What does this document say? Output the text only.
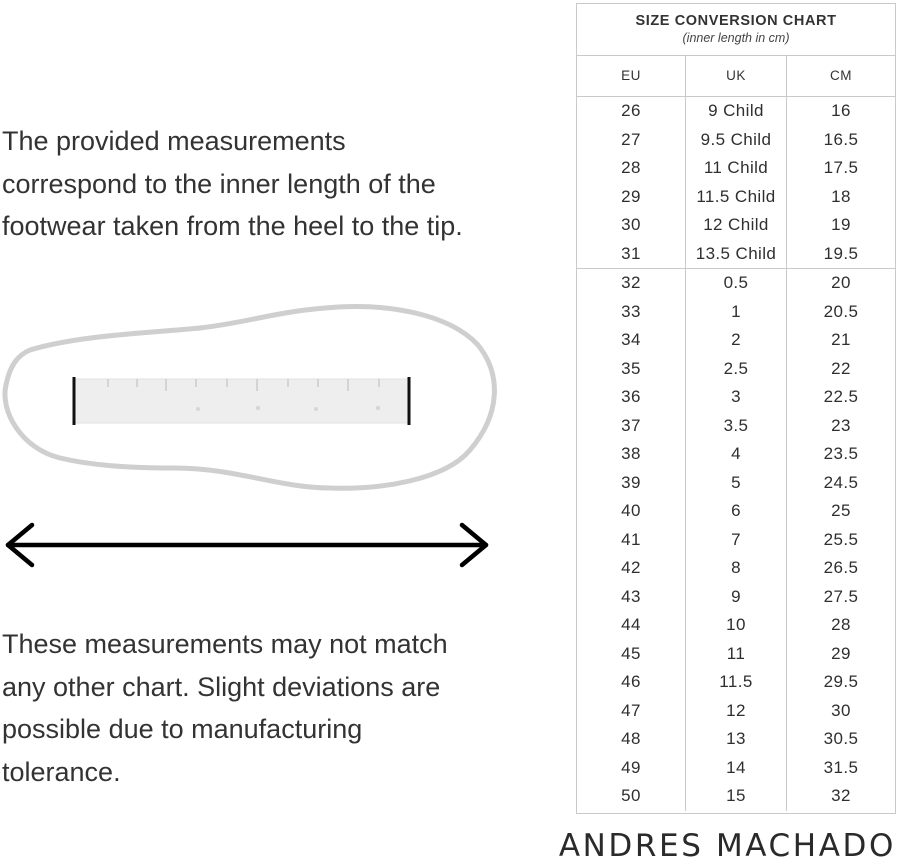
The provided measurements
correspond to the inner length of the
footwear taken from the heel to the tip.
These measurements may not match
any other chart. Slight deviations are
possible due to manufacturing
tolerance.
SIZE CONVERSION CHART
(inner length in cm)
EU	UK	CM
26	9 Child	16
27	9.5 Child	16.5
28	11 Child	17.5
29	11.5 Child	18
30	12 Child	19
31	13.5 Child	19.5
32	0.5	20
33	1	20.5
34	2	21
35	2.5	22
36	3	22.5
37	3.5	23
38	4	23.5
39	5	24.5
40	6	25
41	7	25.5
42	8	26.5
43	9	27.5
44	10	28
45	11	29
46	11.5	29.5
47	12	30
48	13	30.5
49	14	31.5
50	15	32
ANDRES MACHADO
